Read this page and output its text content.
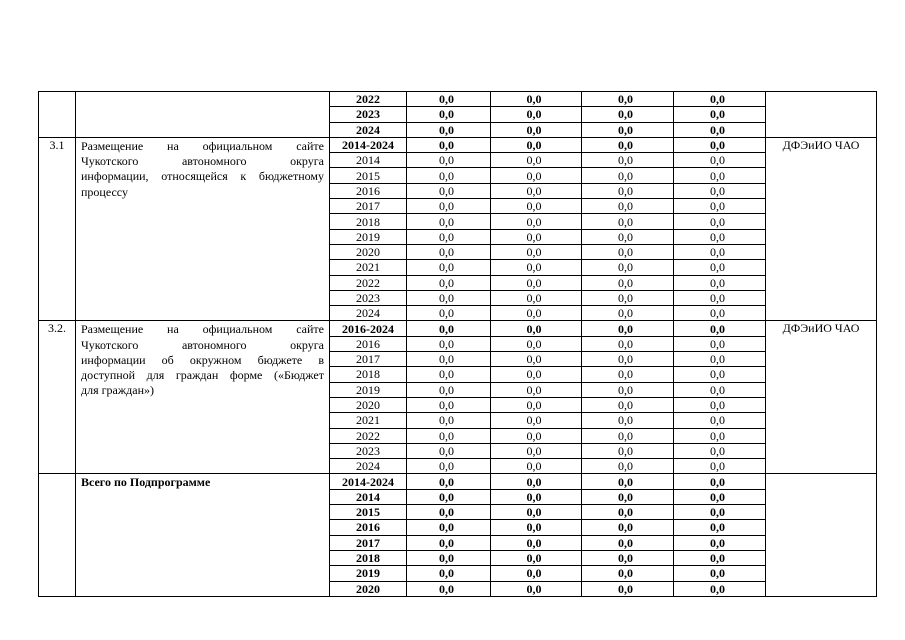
		2022	0,0	0,0	0,0	0,0	
		2023	0,0	0,0	0,0	0,0	
		2024	0,0	0,0	0,0	0,0	
3.1	Размещение на официальном сайте
Чукотского автономного округа
информации, относящейся к бюджетному
процессу	2014-2024	0,0	0,0	0,0	0,0	ДФЭиИО ЧАО
		2014	0,0	0,0	0,0	0,0	
		2015	0,0	0,0	0,0	0,0	
		2016	0,0	0,0	0,0	0,0	
		2017	0,0	0,0	0,0	0,0	
		2018	0,0	0,0	0,0	0,0	
		2019	0,0	0,0	0,0	0,0	
		2020	0,0	0,0	0,0	0,0	
		2021	0,0	0,0	0,0	0,0	
		2022	0,0	0,0	0,0	0,0	
		2023	0,0	0,0	0,0	0,0	
		2024	0,0	0,0	0,0	0,0	
3.2.	Размещение на официальном сайте
Чукотского автономного округа
информации об окружном бюджете в
доступной для граждан форме («Бюджет
для граждан»)	2016-2024	0,0	0,0	0,0	0,0	ДФЭиИО ЧАО
		2016	0,0	0,0	0,0	0,0	
		2017	0,0	0,0	0,0	0,0	
		2018	0,0	0,0	0,0	0,0	
		2019	0,0	0,0	0,0	0,0	
		2020	0,0	0,0	0,0	0,0	
		2021	0,0	0,0	0,0	0,0	
		2022	0,0	0,0	0,0	0,0	
		2023	0,0	0,0	0,0	0,0	
		2024	0,0	0,0	0,0	0,0	
	Всего по Подпрограмме	2014-2024	0,0	0,0	0,0	0,0	
		2014	0,0	0,0	0,0	0,0	
		2015	0,0	0,0	0,0	0,0	
		2016	0,0	0,0	0,0	0,0	
		2017	0,0	0,0	0,0	0,0	
		2018	0,0	0,0	0,0	0,0	
		2019	0,0	0,0	0,0	0,0	
		2020	0,0	0,0	0,0	0,0	
